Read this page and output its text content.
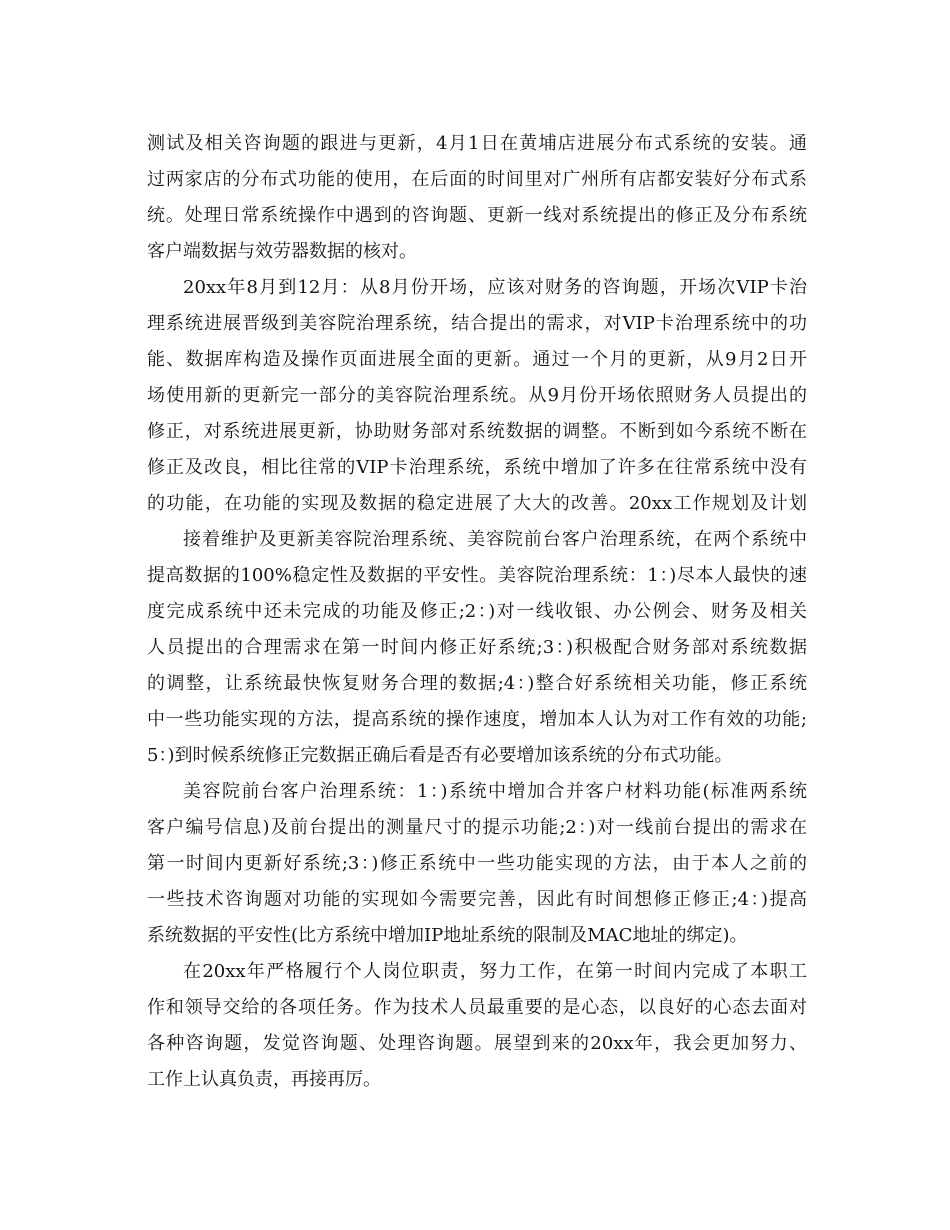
测试及相关咨询题的跟进与更新，4月1日在黄埔店进展分布式系统的安装。通
过两家店的分布式功能的使用，在后面的时间里对广州所有店都安装好分布式系
统。处理日常系统操作中遇到的咨询题、更新一线对系统提出的修正及分布系统
客户端数据与效劳器数据的核对。
20xx年8月到12月：从8月份开场，应该对财务的咨询题，开场次VIP卡治
理系统进展晋级到美容院治理系统，结合提出的需求，对VIP卡治理系统中的功
能、数据库构造及操作页面进展全面的更新。通过一个月的更新，从9月2日开
场使用新的更新完一部分的美容院治理系统。从9月份开场依照财务人员提出的
修正，对系统进展更新，协助财务部对系统数据的调整。不断到如今系统不断在
修正及改良，相比往常的VIP卡治理系统，系统中增加了许多在往常系统中没有
的功能，在功能的实现及数据的稳定进展了大大的改善。20xx工作规划及计划
接着维护及更新美容院治理系统、美容院前台客户治理系统，在两个系统中
提高数据的100%稳定性及数据的平安性。美容院治理系统：1：)尽本人最快的速
度完成系统中还未完成的功能及修正;2：)对一线收银、办公例会、财务及相关
人员提出的合理需求在第一时间内修正好系统;3：)积极配合财务部对系统数据
的调整，让系统最快恢复财务合理的数据;4：)整合好系统相关功能，修正系统
中一些功能实现的方法，提高系统的操作速度，增加本人认为对工作有效的功能;
5：)到时候系统修正完数据正确后看是否有必要增加该系统的分布式功能。
美容院前台客户治理系统：1：)系统中增加合并客户材料功能(标准两系统
客户编号信息)及前台提出的测量尺寸的提示功能;2：)对一线前台提出的需求在
第一时间内更新好系统;3：)修正系统中一些功能实现的方法，由于本人之前的
一些技术咨询题对功能的实现如今需要完善，因此有时间想修正修正;4：)提高
系统数据的平安性(比方系统中增加IP地址系统的限制及MAC地址的绑定)。
在20xx年严格履行个人岗位职责，努力工作，在第一时间内完成了本职工
作和领导交给的各项任务。作为技术人员最重要的是心态，以良好的心态去面对
各种咨询题，发觉咨询题、处理咨询题。展望到来的20xx年，我会更加努力、
工作上认真负责，再接再厉。
